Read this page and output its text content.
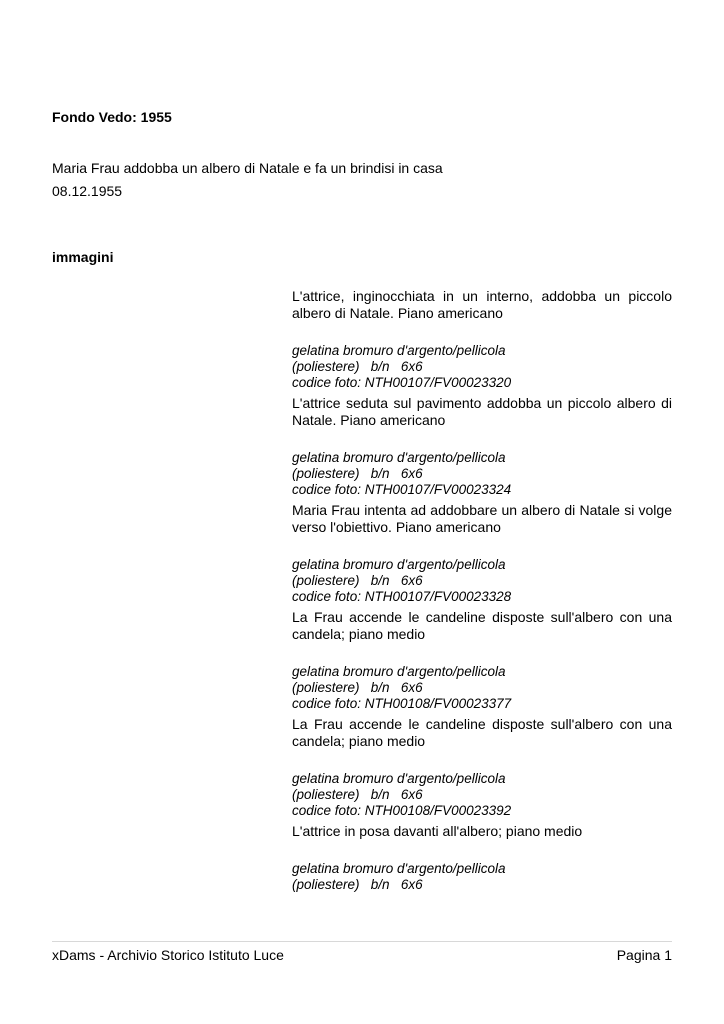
Fondo Vedo: 1955
Maria Frau addobba un albero di Natale e fa un brindisi in casa
08.12.1955
immagini

L'attrice, inginocchiata in un interno, addobba un piccolo albero di Natale. Piano americano

gelatina bromuro d'argento/pellicola
(poliestere) b/n 6x6
codice foto: NTH00107/FV00023320

L'attrice seduta sul pavimento addobba un piccolo albero di Natale. Piano americano

gelatina bromuro d'argento/pellicola
(poliestere) b/n 6x6
codice foto: NTH00107/FV00023324

Maria Frau intenta ad addobbare un albero di Natale si volge verso l'obiettivo. Piano americano

gelatina bromuro d'argento/pellicola
(poliestere) b/n 6x6
codice foto: NTH00107/FV00023328

La Frau accende le candeline disposte sull'albero con una candela; piano medio

gelatina bromuro d'argento/pellicola
(poliestere) b/n 6x6
codice foto: NTH00108/FV00023377

La Frau accende le candeline disposte sull'albero con una candela; piano medio

gelatina bromuro d'argento/pellicola
(poliestere) b/n 6x6
codice foto: NTH00108/FV00023392

L'attrice in posa davanti all'albero; piano medio

gelatina bromuro d'argento/pellicola
(poliestere) b/n 6x6
xDams - Archivio Storico Istituto Luce	Pagina 1
